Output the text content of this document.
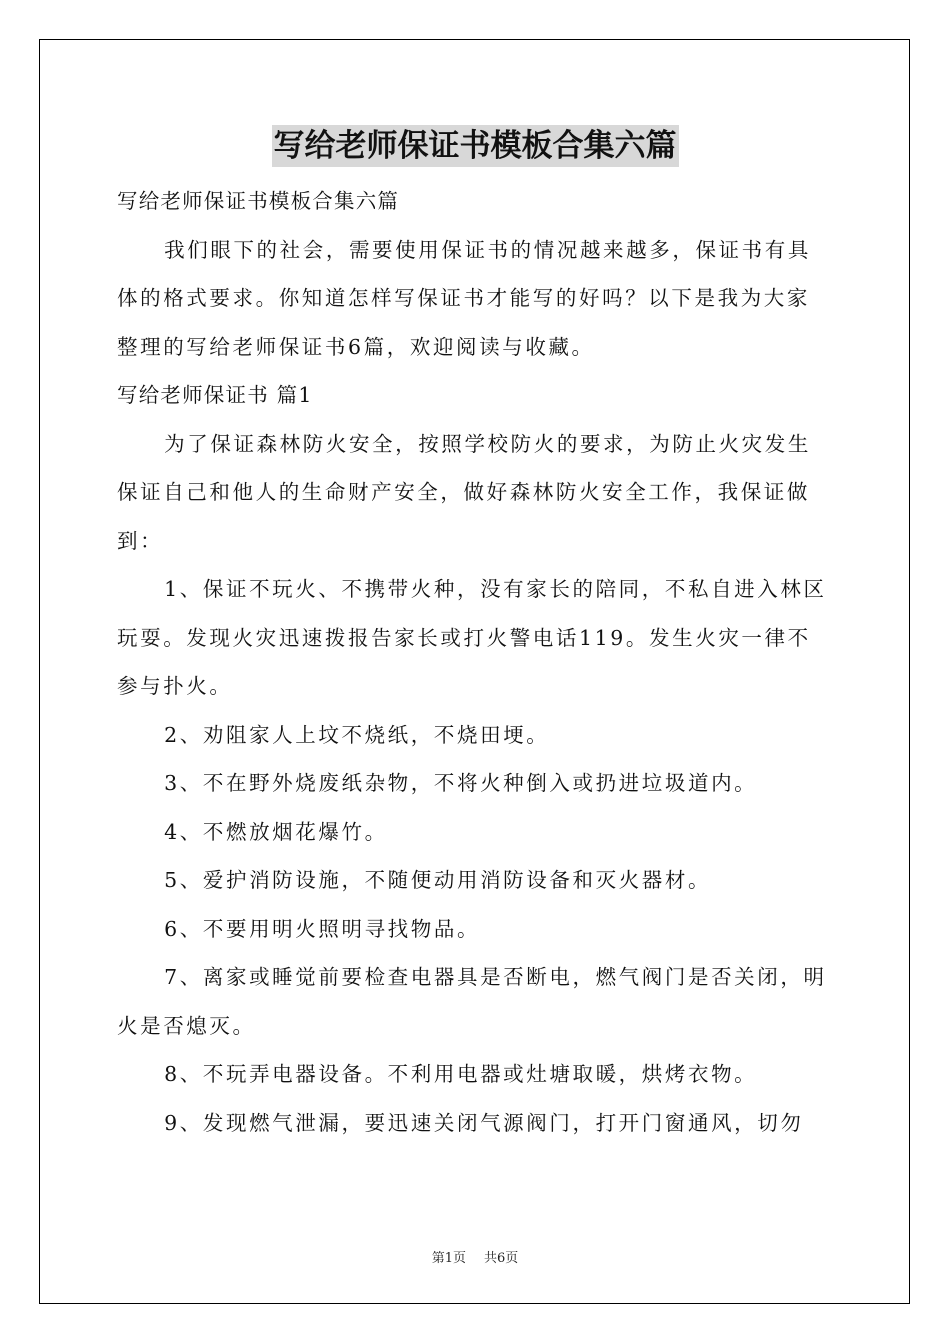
写给老师保证书模板合集六篇

写给老师保证书模板合集六篇

我们眼下的社会，需要使用保证书的情况越来越多，保证书有具体的格式要求。你知道怎样写保证书才能写的好吗？以下是我为大家整理的写给老师保证书6篇，欢迎阅读与收藏。

写给老师保证书 篇1

为了保证森林防火安全，按照学校防火的要求，为防止火灾发生保证自己和他人的生命财产安全，做好森林防火安全工作，我保证做到：

1、保证不玩火、不携带火种，没有家长的陪同，不私自进入林区玩耍。发现火灾迅速拨报告家长或打火警电话119。发生火灾一律不参与扑火。

2、劝阻家人上坟不烧纸，不烧田埂。

3、不在野外烧废纸杂物，不将火种倒入或扔进垃圾道内。

4、不燃放烟花爆竹。

5、爱护消防设施，不随便动用消防设备和灭火器材。

6、不要用明火照明寻找物品。

7、离家或睡觉前要检查电器具是否断电，燃气阀门是否关闭，明火是否熄灭。

8、不玩弄电器设备。不利用电器或灶塘取暖，烘烤衣物。

9、发现燃气泄漏，要迅速关闭气源阀门，打开门窗通风，切勿

第1页 共6页
